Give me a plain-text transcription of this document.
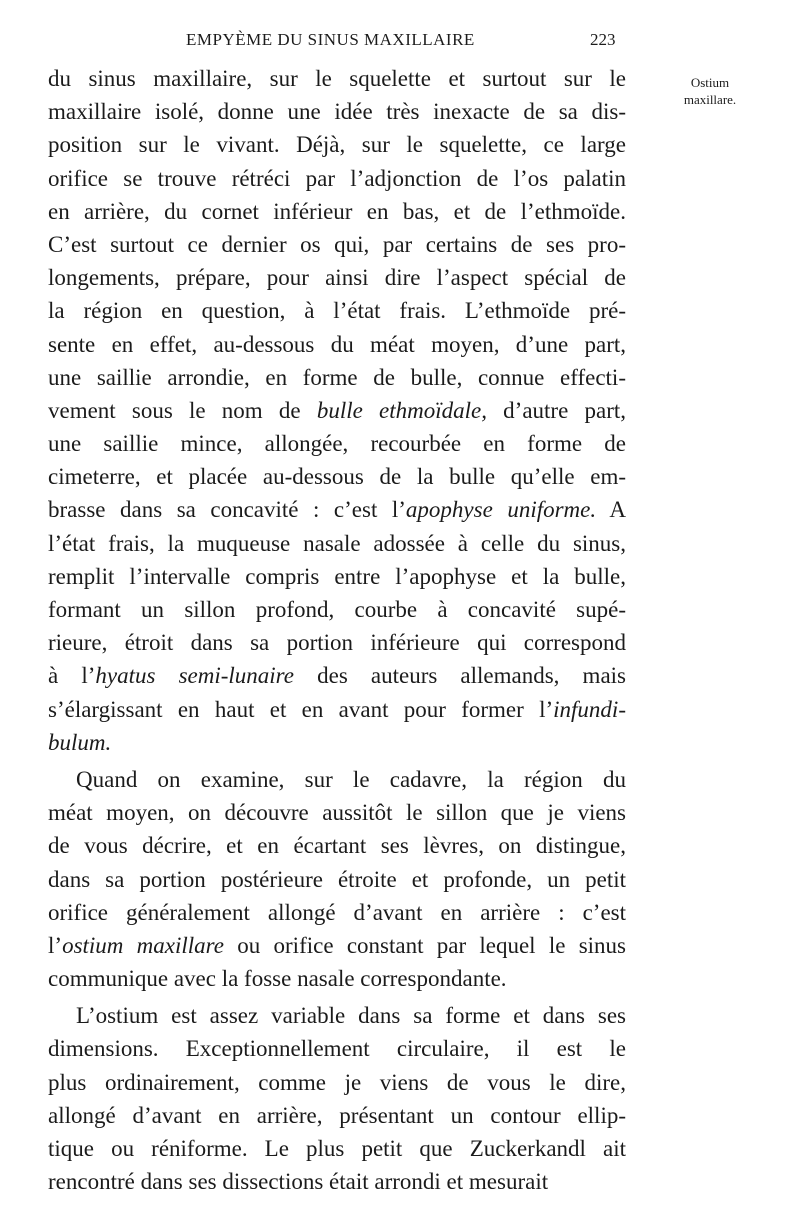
EMPYÈME DU SINUS MAXILLAIRE	223
Ostium
maxillare.
du sinus maxillaire, sur le squelette et surtout sur le
maxillaire isolé, donne une idée très inexacte de sa dis-
position sur le vivant. Déjà, sur le squelette, ce large
orifice se trouve rétréci par l’adjonction de l’os palatin
en arrière, du cornet inférieur en bas, et de l’ethmoïde.
C’est surtout ce dernier os qui, par certains de ses pro-
longements, prépare, pour ainsi dire l’aspect spécial de
la région en question, à l’état frais. L’ethmoïde pré-
sente en effet, au-dessous du méat moyen, d’une part,
une saillie arrondie, en forme de bulle, connue effecti-
vement sous le nom de bulle ethmoïdale, d’autre part,
une saillie mince, allongée, recourbée en forme de
cimeterre, et placée au-dessous de la bulle qu’elle em-
brasse dans sa concavité : c’est l’apophyse uniforme. A
l’état frais, la muqueuse nasale adossée à celle du sinus,
remplit l’intervalle compris entre l’apophyse et la bulle,
formant un sillon profond, courbe à concavité supé-
rieure, étroit dans sa portion inférieure qui correspond
à l’hyatus semi-lunaire des auteurs allemands, mais
s’élargissant en haut et en avant pour former l’infundi-
bulum.
Quand on examine, sur le cadavre, la région du
méat moyen, on découvre aussitôt le sillon que je viens
de vous décrire, et en écartant ses lèvres, on distingue,
dans sa portion postérieure étroite et profonde, un petit
orifice généralement allongé d’avant en arrière : c’est
l’ostium maxillare ou orifice constant par lequel le sinus
communique avec la fosse nasale correspondante.
L’ostium est assez variable dans sa forme et dans ses
dimensions. Exceptionnellement circulaire, il est le
plus ordinairement, comme je viens de vous le dire,
allongé d’avant en arrière, présentant un contour ellip-
tique ou réniforme. Le plus petit que Zuckerkandl ait
rencontré dans ses dissections était arrondi et mesurait
